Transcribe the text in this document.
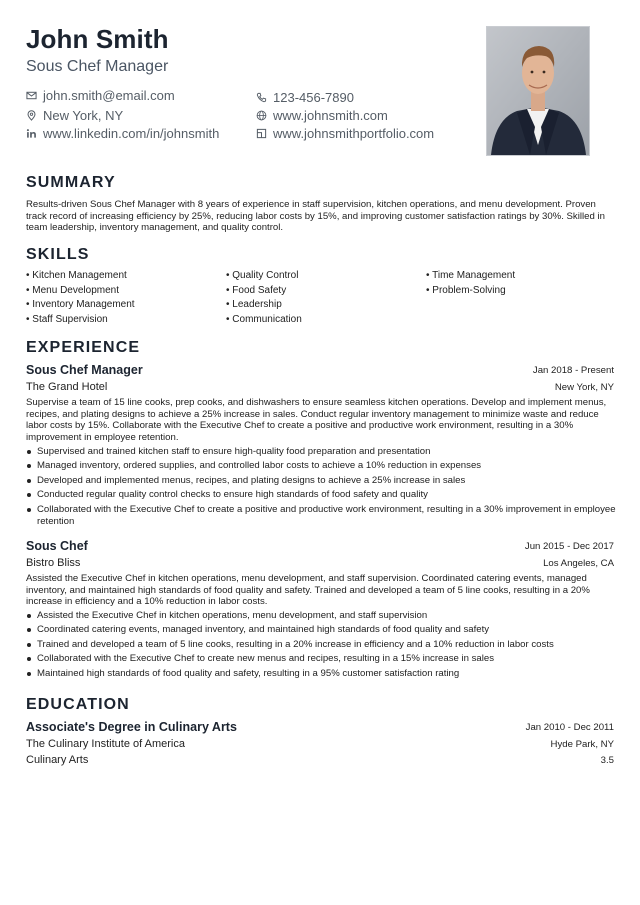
John Smith
Sous Chef Manager
john.smith@email.com	123-456-7890
New York, NY	www.johnsmith.com
www.linkedin.com/in/johnsmith	www.johnsmithportfolio.com
SUMMARY
Results-driven Sous Chef Manager with 8 years of experience in staff supervision, kitchen operations, and menu development. Proven track record of increasing efficiency by 25%, reducing labor costs by 15%, and improving customer satisfaction ratings by 30%. Skilled in team leadership, inventory management, and quality control.
SKILLS
• Kitchen Management	• Quality Control	• Time Management
• Menu Development	• Food Safety	• Problem-Solving
• Inventory Management	• Leadership
• Staff Supervision	• Communication
EXPERIENCE
Sous Chef Manager	Jan 2018 - Present
The Grand Hotel	New York, NY
Supervise a team of 15 line cooks, prep cooks, and dishwashers to ensure seamless kitchen operations. Develop and implement menus, recipes, and plating designs to achieve a 25% increase in sales. Conduct regular inventory management to minimize waste and reduce labor costs by 15%. Collaborate with the Executive Chef to create a positive and productive work environment, resulting in a 30% improvement in employee retention.
Supervised and trained kitchen staff to ensure high-quality food preparation and presentation
Managed inventory, ordered supplies, and controlled labor costs to achieve a 10% reduction in expenses
Developed and implemented menus, recipes, and plating designs to achieve a 25% increase in sales
Conducted regular quality control checks to ensure high standards of food safety and quality
Collaborated with the Executive Chef to create a positive and productive work environment, resulting in a 30% improvement in employee retention
Sous Chef	Jun 2015 - Dec 2017
Bistro Bliss	Los Angeles, CA
Assisted the Executive Chef in kitchen operations, menu development, and staff supervision. Coordinated catering events, managed inventory, and maintained high standards of food quality and safety. Trained and developed a team of 5 line cooks, resulting in a 20% increase in efficiency and a 10% reduction in labor costs.
Assisted the Executive Chef in kitchen operations, menu development, and staff supervision
Coordinated catering events, managed inventory, and maintained high standards of food quality and safety
Trained and developed a team of 5 line cooks, resulting in a 20% increase in efficiency and a 10% reduction in labor costs
Collaborated with the Executive Chef to create new menus and recipes, resulting in a 15% increase in sales
Maintained high standards of food quality and safety, resulting in a 95% customer satisfaction rating
EDUCATION
Associate's Degree in Culinary Arts	Jan 2010 - Dec 2011
The Culinary Institute of America	Hyde Park, NY
Culinary Arts	3.5
